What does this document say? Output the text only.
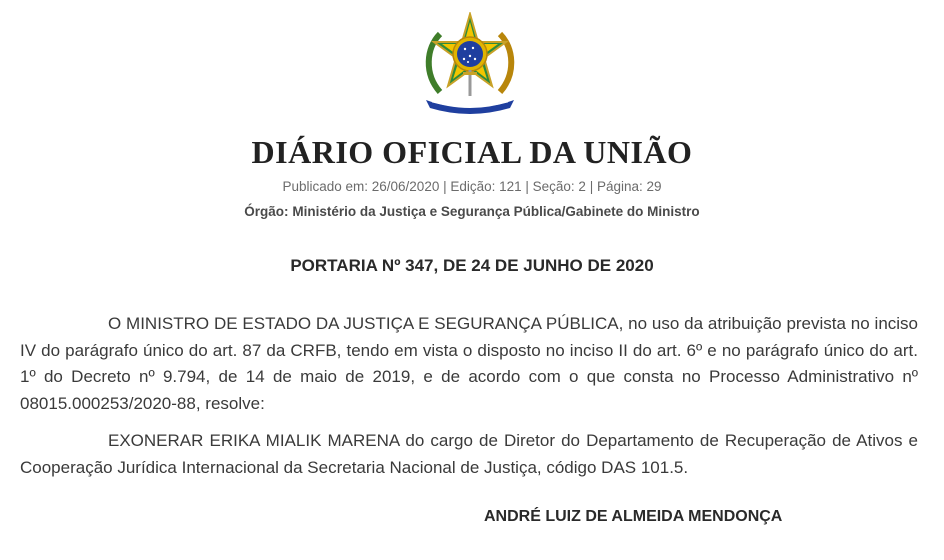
DIÁRIO OFICIAL DA UNIÃO
Publicado em: 26/06/2020 | Edição: 121 | Seção: 2 | Página: 29
Órgão: Ministério da Justiça e Segurança Pública/Gabinete do Ministro
PORTARIA Nº 347, DE 24 DE JUNHO DE 2020
O MINISTRO DE ESTADO DA JUSTIÇA E SEGURANÇA PÚBLICA, no uso da atribuição prevista no inciso IV do parágrafo único do art. 87 da CRFB, tendo em vista o disposto no inciso II do art. 6º e no parágrafo único do art. 1º do Decreto nº 9.794, de 14 de maio de 2019, e de acordo com o que consta no Processo Administrativo nº 08015.000253/2020-88, resolve:
EXONERAR ERIKA MIALIK MARENA do cargo de Diretor do Departamento de Recuperação de Ativos e Cooperação Jurídica Internacional da Secretaria Nacional de Justiça, código DAS 101.5.
ANDRÉ LUIZ DE ALMEIDA MENDONÇA
